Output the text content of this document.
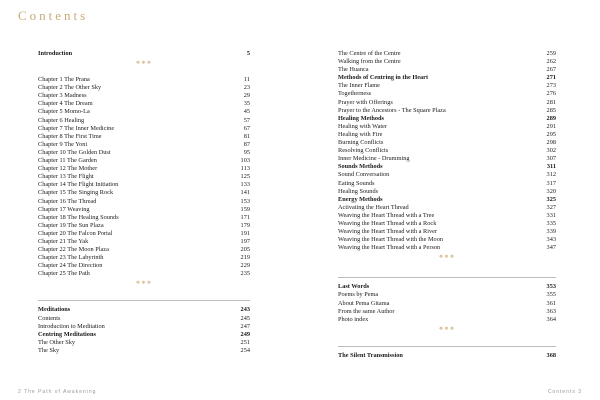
Contents
Introduction	5
❖❖❖
Chapter 1 The Prana	11
Chapter 2 The Other Sky	23
Chapter 3 Madness	29
Chapter 4 The Dream	35
Chapter 5 Momo-La	45
Chapter 6 Healing	57
Chapter 7 The Inner Medicine	67
Chapter 8 The First Time	81
Chapter 9 The Yoni	87
Chapter 10 The Golden Dust	95
Chapter 11 The Garden	103
Chapter 12 The Mother	113
Chapter 13 The Flight	125
Chapter 14 The Flight Initiation	133
Chapter 15 The Singing Rock	141
Chapter 16 The Thread	153
Chapter 17 Weaving	159
Chapter 18 The Healing Sounds	171
Chapter 19 The Sun Plaza	179
Chapter 20 The Falcon Portal	191
Chapter 21 The Yak	197
Chapter 22 The Moon Plaza	205
Chapter 23 The Labyrinth	219
Chapter 24 The Direction	229
Chapter 25 The Path	235
❖❖❖
Meditations	243
Contents	245
Introduction to Meditation	247
Centring Meditations	249
The Other Sky	251
The Sky	254
The Centre of the Centre	259
Walking from the Centre	262
The Huanca	267
Methods of Centring in the Heart	271
The Inner Flame	273
Togetherness	276
Prayer with Offerings	281
Prayer to the Ancestors - The Square Plaza	285
Healing Methods	289
Healing with Water	291
Healing with Fire	295
Burning Conflicts	298
Resolving Conflicts	302
Inner Medicine - Drumming	307
Sounds Methods	311
Sound Conversation	312
Eating Sounds	317
Healing Sounds	320
Energy Methods	325
Activating the Heart Thread	327
Weaving the Heart Thread with a Tree	331
Weaving the Heart Thread with a Rock	335
Weaving the Heart Thread with a River	339
Weaving the Heart Thread with the Moon	343
Weaving the Heart Thread with a Person	347
❖❖❖
Last Words	353
Poems by Pema	355
About Pema Gitama	361
From the same Author	363
Photo index	364
❖❖❖
The Silent Transmission	368
2 The Path of Awakening	Contents 3
